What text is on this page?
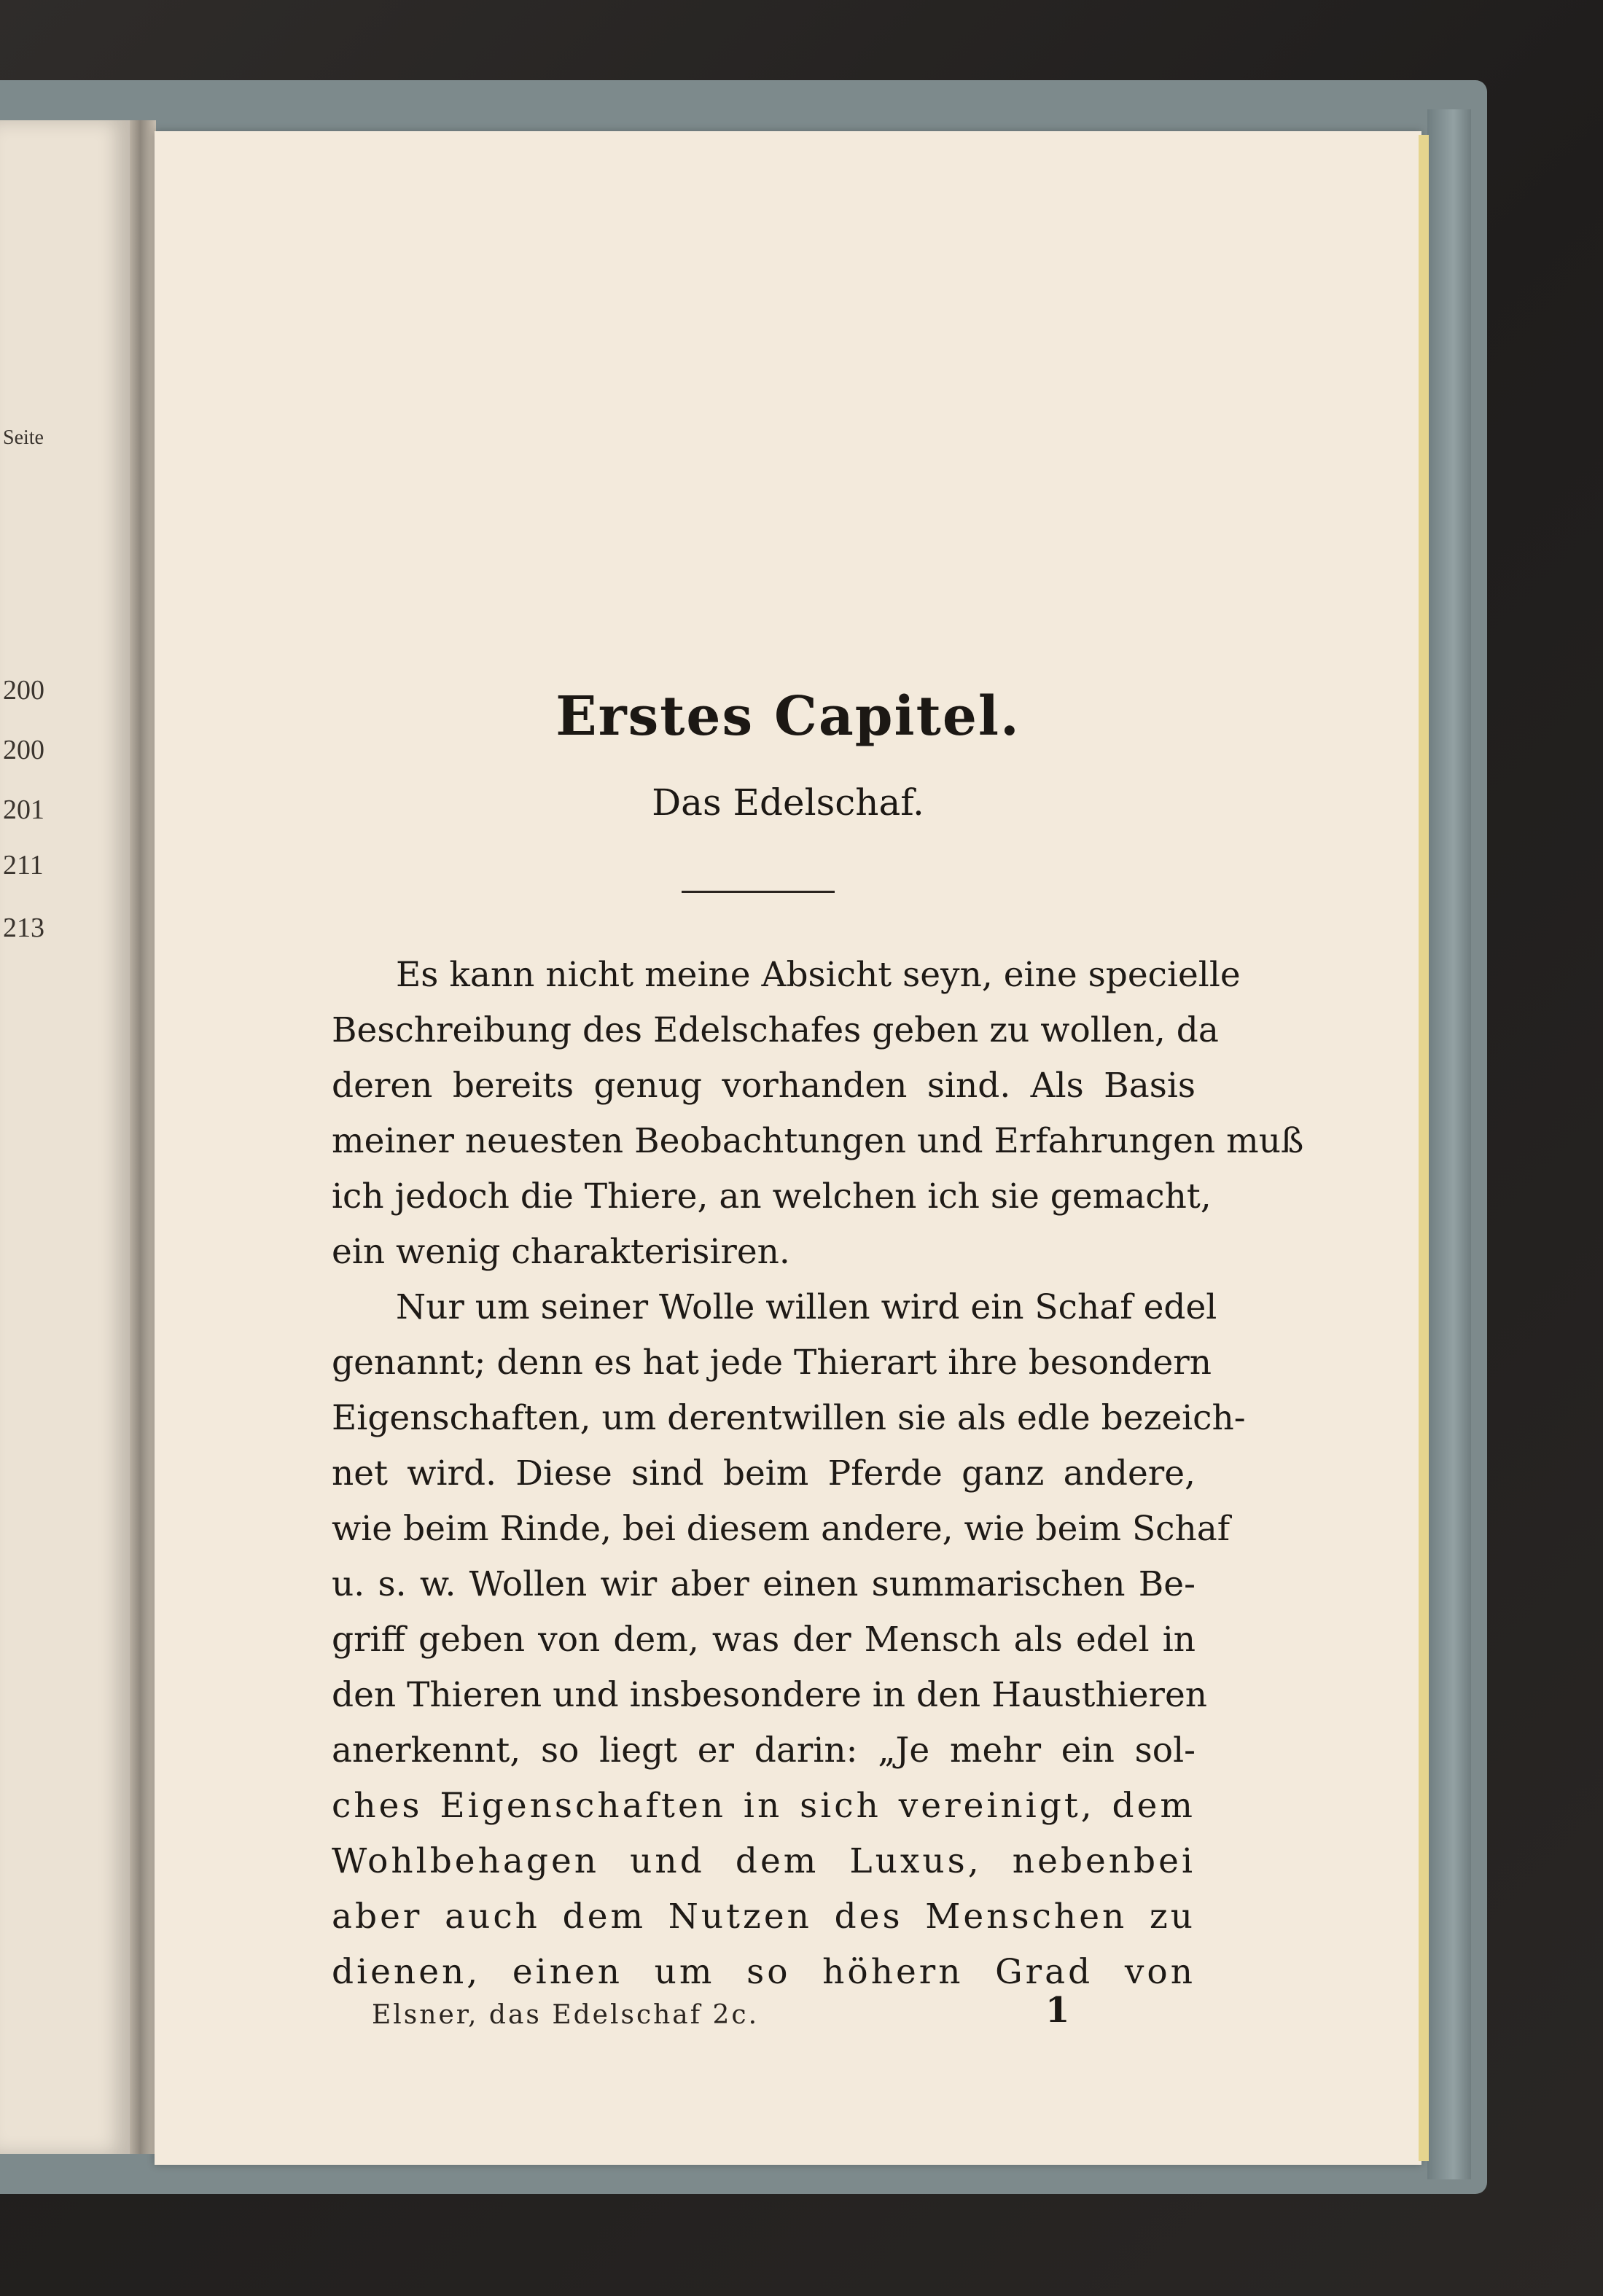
Seite
200
200
201
211
213
Erstes Capitel.
Das Edelschaf.
Es kann nicht meine Absicht seyn, eine specielle
Beschreibung des Edelschafes geben zu wollen, da
deren bereits genug vorhanden sind. Als Basis
meiner neuesten Beobachtungen und Erfahrungen muß
ich jedoch die Thiere, an welchen ich sie gemacht,
ein wenig charakterisiren.
Nur um seiner Wolle willen wird ein Schaf edel
genannt; denn es hat jede Thierart ihre besondern
Eigenschaften, um derentwillen sie als edle bezeich-
net wird. Diese sind beim Pferde ganz andere,
wie beim Rinde, bei diesem andere, wie beim Schaf
u. s. w. Wollen wir aber einen summarischen Be-
griff geben von dem, was der Mensch als edel in
den Thieren und insbesondere in den Hausthieren
anerkennt, so liegt er darin: „Je mehr ein sol-
ches Eigenschaften in sich vereinigt, dem
Wohlbehagen und dem Luxus, nebenbei
aber auch dem Nutzen des Menschen zu
dienen, einen um so höhern Grad von
Elsner, das Edelschaf 2c.	1
